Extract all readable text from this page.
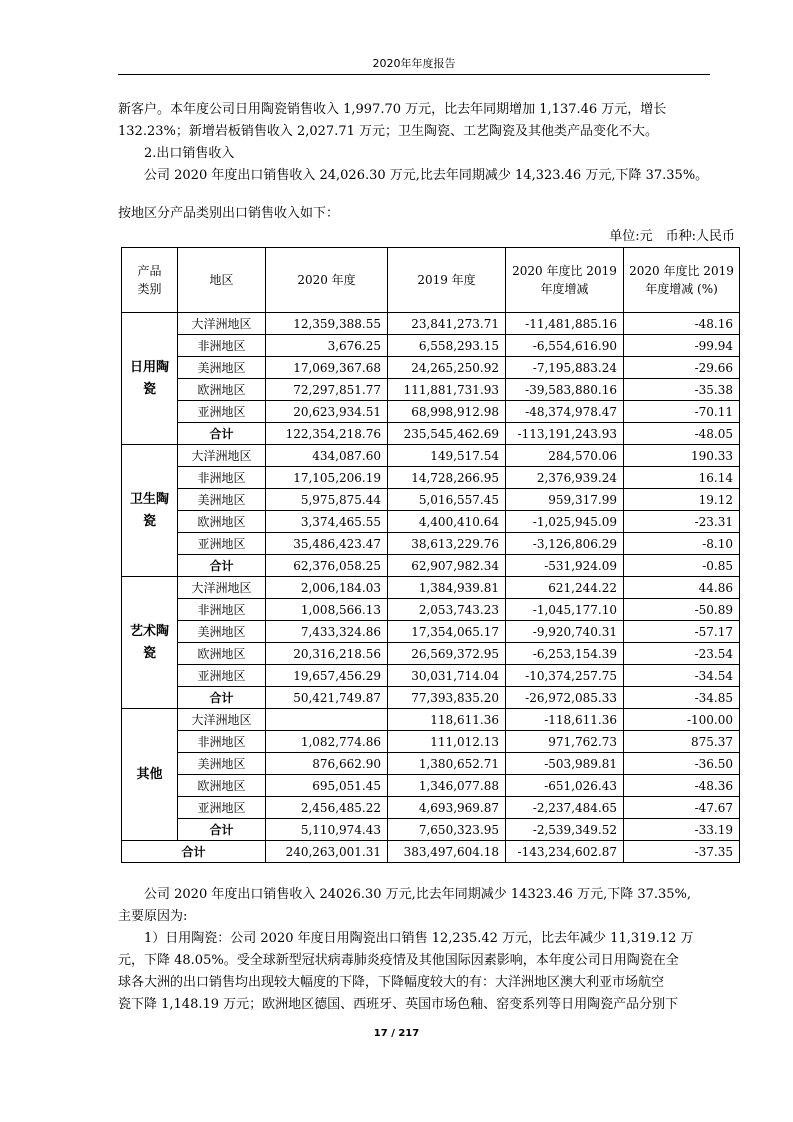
2020年年度报告
新客户。本年度公司日用陶瓷销售收入 1,997.70 万元，比去年同期增加 1,137.46 万元，增长
132.23%；新增岩板销售收入 2,027.71 万元；卫生陶瓷、工艺陶瓷及其他类产品变化不大。
2.出口销售收入
公司 2020 年度出口销售收入 24,026.30 万元,比去年同期减少 14,323.46 万元,下降 37.35%。
按地区分产品类别出口销售收入如下：
单位:元　币种:人民币
产品
类别	地区	2020 年度	2019 年度	2020 年度比 2019 年度增减	2020 年度比 2019 年度增减 (%)
日用陶瓷	大洋洲地区	12,359,388.55	23,841,273.71	-11,481,885.16	-48.16
	非洲地区	3,676.25	6,558,293.15	-6,554,616.90	-99.94
	美洲地区	17,069,367.68	24,265,250.92	-7,195,883.24	-29.66
	欧洲地区	72,297,851.77	111,881,731.93	-39,583,880.16	-35.38
	亚洲地区	20,623,934.51	68,998,912.98	-48,374,978.47	-70.11
	合计	122,354,218.76	235,545,462.69	-113,191,243.93	-48.05
卫生陶瓷	大洋洲地区	434,087.60	149,517.54	284,570.06	190.33
	非洲地区	17,105,206.19	14,728,266.95	2,376,939.24	16.14
	美洲地区	5,975,875.44	5,016,557.45	959,317.99	19.12
	欧洲地区	3,374,465.55	4,400,410.64	-1,025,945.09	-23.31
	亚洲地区	35,486,423.47	38,613,229.76	-3,126,806.29	-8.10
	合计	62,376,058.25	62,907,982.34	-531,924.09	-0.85
艺术陶瓷	大洋洲地区	2,006,184.03	1,384,939.81	621,244.22	44.86
	非洲地区	1,008,566.13	2,053,743.23	-1,045,177.10	-50.89
	美洲地区	7,433,324.86	17,354,065.17	-9,920,740.31	-57.17
	欧洲地区	20,316,218.56	26,569,372.95	-6,253,154.39	-23.54
	亚洲地区	19,657,456.29	30,031,714.04	-10,374,257.75	-34.54
	合计	50,421,749.87	77,393,835.20	-26,972,085.33	-34.85
其他	大洋洲地区		118,611.36	-118,611.36	-100.00
	非洲地区	1,082,774.86	111,012.13	971,762.73	875.37
	美洲地区	876,662.90	1,380,652.71	-503,989.81	-36.50
	欧洲地区	695,051.45	1,346,077.88	-651,026.43	-48.36
	亚洲地区	2,456,485.22	4,693,969.87	-2,237,484.65	-47.67
	合计	5,110,974.43	7,650,323.95	-2,539,349.52	-33.19
合计		240,263,001.31	383,497,604.18	-143,234,602.87	-37.35
公司 2020 年度出口销售收入 24026.30 万元,比去年同期减少 14323.46 万元,下降 37.35%,
主要原因为:
1）日用陶瓷：公司 2020 年度日用陶瓷出口销售 12,235.42 万元，比去年减少 11,319.12 万
元，下降 48.05%。受全球新型冠状病毒肺炎疫情及其他国际因素影响，本年度公司日用陶瓷在全
球各大洲的出口销售均出现较大幅度的下降，下降幅度较大的有：大洋洲地区澳大利亚市场航空
瓷下降 1,148.19 万元；欧洲地区德国、西班牙、英国市场色釉、窑变系列等日用陶瓷产品分别下
17 / 217
